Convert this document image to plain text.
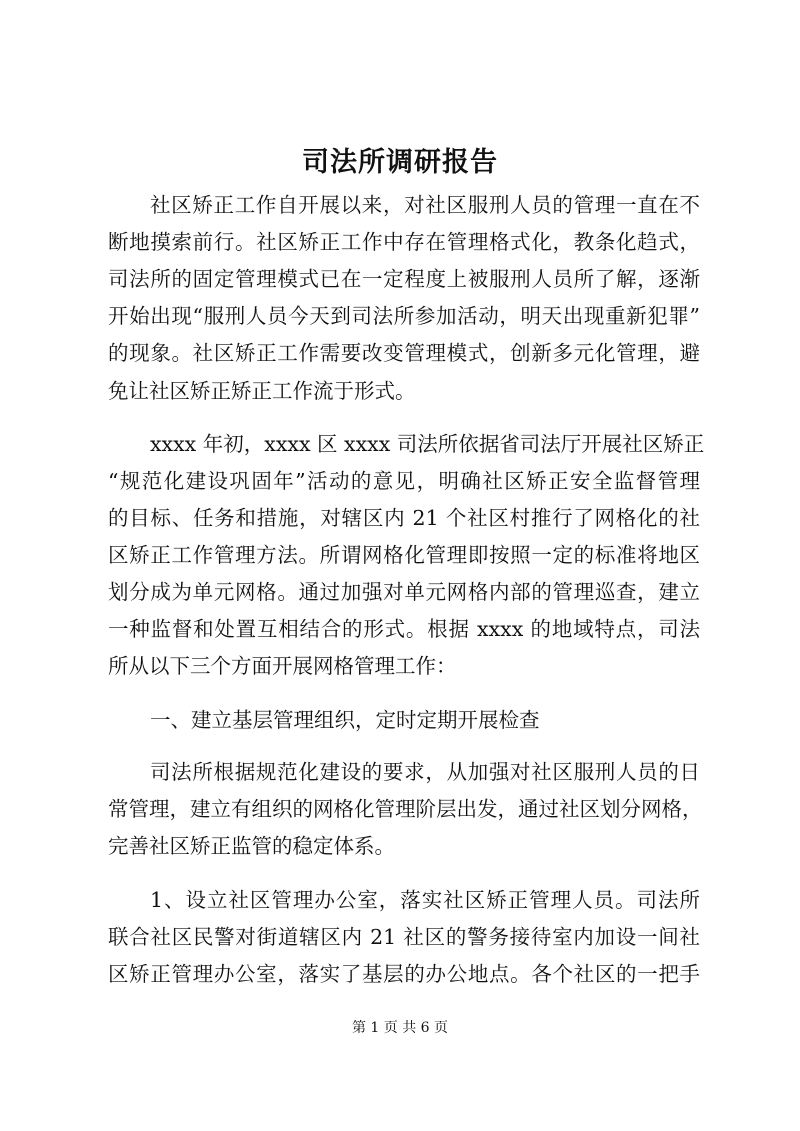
司法所调研报告

社区矫正工作自开展以来，对社区服刑人员的管理一直在不

断地摸索前行。社区矫正工作中存在管理格式化，教条化趋式，

司法所的固定管理模式已在一定程度上被服刑人员所了解，逐渐

开始出现“服刑人员今天到司法所参加活动，明天出现重新犯罪”

的现象。社区矫正工作需要改变管理模式，创新多元化管理，避

免让社区矫正矫正工作流于形式。

xxxx 年初，xxxx 区 xxxx 司法所依据省司法厅开展社区矫正

“规范化建设巩固年”活动的意见，明确社区矫正安全监督管理

的目标、任务和措施，对辖区内 21 个社区村推行了网格化的社

区矫正工作管理方法。所谓网格化管理即按照一定的标准将地区

划分成为单元网格。通过加强对单元网格内部的管理巡查，建立

一种监督和处置互相结合的形式。根据 xxxx 的地域特点，司法

所从以下三个方面开展网格管理工作：

一、建立基层管理组织，定时定期开展检查

司法所根据规范化建设的要求，从加强对社区服刑人员的日

常管理，建立有组织的网格化管理阶层出发，通过社区划分网格，

完善社区矫正监管的稳定体系。

1、设立社区管理办公室，落实社区矫正管理人员。司法所

联合社区民警对街道辖区内 21 社区的警务接待室内加设一间社

区矫正管理办公室，落实了基层的办公地点。各个社区的一把手

第 1 页 共 6 页
